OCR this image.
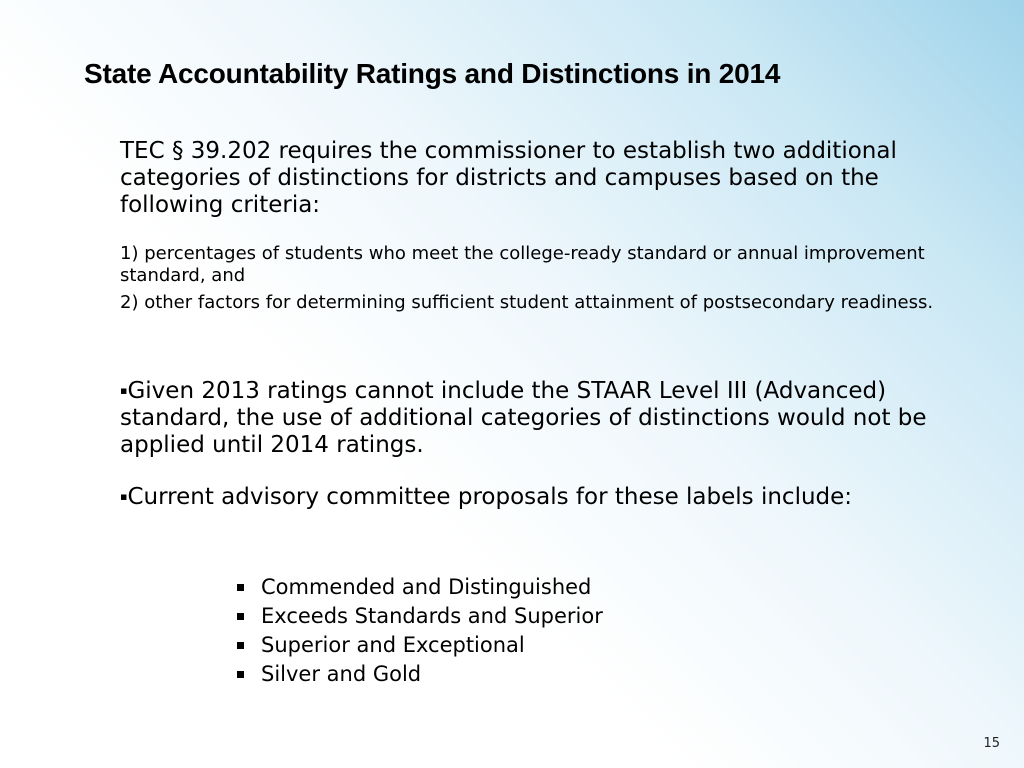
State Accountability Ratings and Distinctions in 2014

TEC § 39.202 requires the commissioner to establish two additional categories of distinctions for districts and campuses based on the following criteria:

1) percentages of students who meet the college-ready standard or annual improvement standard, and

2) other factors for determining sufficient student attainment of postsecondary readiness.

▪Given 2013 ratings cannot include the STAAR Level III (Advanced) standard, the use of additional categories of distinctions would not be applied until 2014 ratings.

▪Current advisory committee proposals for these labels include:

Commended and Distinguished
Exceeds Standards and Superior
Superior and Exceptional
Silver and Gold
15
